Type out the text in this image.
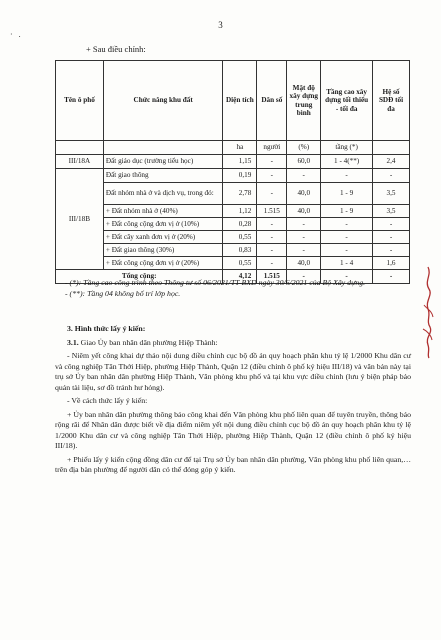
3
· .
+ Sau điều chỉnh:
Tên ô phố	Chức năng khu đất	Diện tích	Dân số	Mật độ xây dựng trung bình	Tầng cao xây dựng tối thiểu - tối đa	Hệ số SDĐ tối đa
		ha	người	(%)	tầng (*)	
III/18A	Đất giáo dục (trường tiểu học)	1,15	-	60,0	1 - 4(**)	2,4
III/18B	Đất giao thông	0,19	-	-	-	-
	Đất nhóm nhà ở và dịch vụ, trong đó:	2,78	-	40,0	1 - 9	3,5
	+ Đất nhóm nhà ở (40%)	1,12	1.515	40,0	1 - 9	3,5
	+ Đất công cộng đơn vị ở (10%)	0,28	-	-	-	-
	+ Đất cây xanh đơn vị ở (20%)	0,55	-	-	-	-
	+ Đất giao thông (30%)	0,83	-	-	-	-
	+ Đất công cộng đơn vị ở (20%)	0,55	-	40,0	1 - 4	1,6
Tổng cộng:		4,12	1.515	-	-	-

- (*): Tầng cao công trình theo Thông tư số 06/2021/TT-BXD ngày 30/6/2021 của Bộ Xây dựng.

- (**): Tầng 04 không bố trí lớp học.

3. Hình thức lấy ý kiến:

3.1. Giao Ủy ban nhân dân phường Hiệp Thành:

- Niêm yết công khai dự thảo nội dung điều chỉnh cục bộ đồ án quy hoạch phân khu tỷ lệ 1/2000 Khu dân cư và công nghiệp Tân Thới Hiệp, phường Hiệp Thành, Quận 12 (điều chỉnh ô phố ký hiệu III/18) và văn bản này tại trụ sở Ủy ban nhân dân phường Hiệp Thành, Văn phòng khu phố và tại khu vực điều chỉnh (lưu ý biện pháp bảo quản tài liệu, sơ đồ tránh hư hỏng).

- Về cách thức lấy ý kiến:

+ Ủy ban nhân dân phường thông báo công khai đến Văn phòng khu phố liên quan để tuyên truyền, thông báo rộng rãi để Nhân dân được biết về địa điểm niêm yết nội dung điều chỉnh cục bộ đồ án quy hoạch phân khu tỷ lệ 1/2000 Khu dân cư và công nghiệp Tân Thới Hiệp, phường Hiệp Thành, Quận 12 (điều chỉnh ô phố ký hiệu III/18).

+ Phiếu lấy ý kiến cộng đồng dân cư để tại Trụ sở Ủy ban nhân dân phường, Văn phòng khu phố liên quan,… trên địa bàn phường để người dân có thể đóng góp ý kiến.
